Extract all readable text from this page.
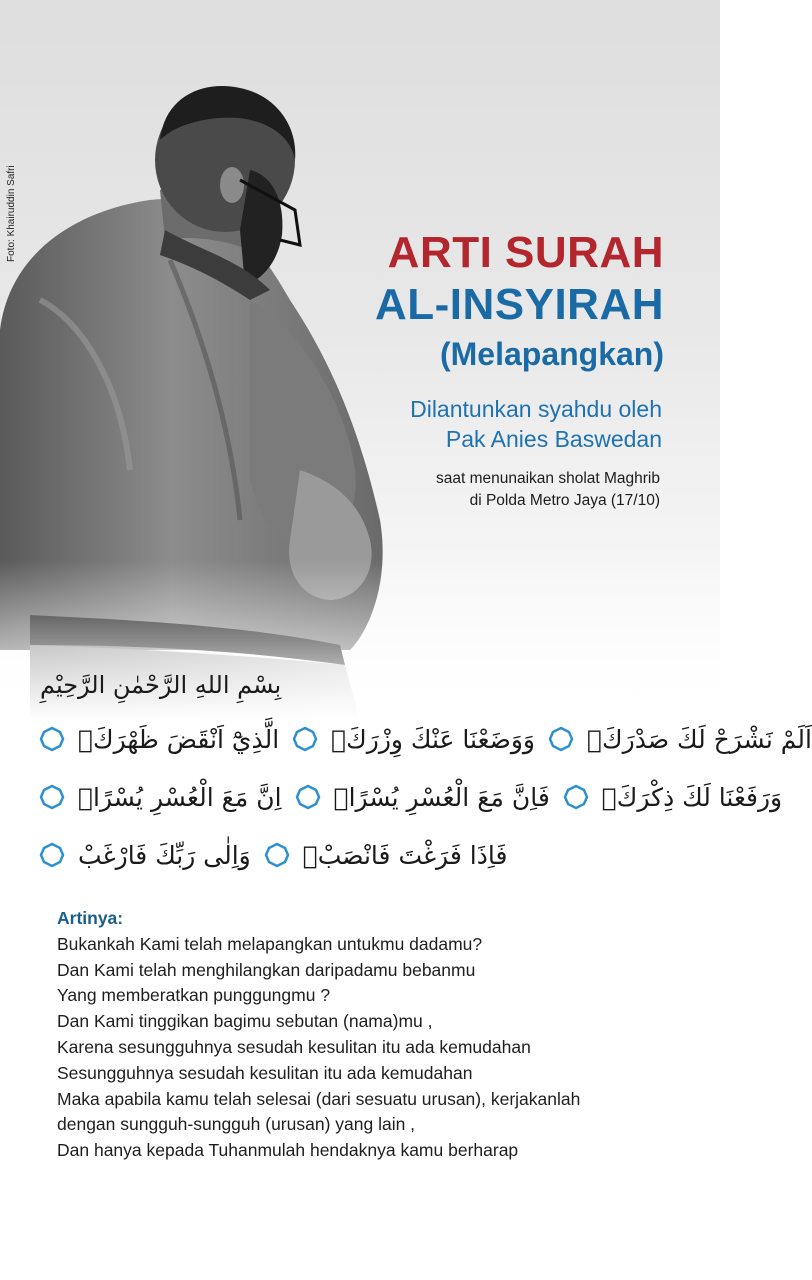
Foto: Khairuddin Safri	ARTI SURAH
AL-INSYIRAH
(Melapangkan)
Dilantunkan syahdu oleh
Pak Anies Baswedan
saat menunaikan sholat Maghrib
di Polda Metro Jaya (17/10)
بِسْمِ اللهِ الرَّحْمٰنِ الرَّحِيْمِ
اَلَمْ نَشْرَحْ لَكَ صَدْرَكَۙ
وَوَضَعْنَا عَنْكَ وِزْرَكَۙ
الَّذِيْٓ اَنْقَضَ ظَهْرَكَۙ
وَرَفَعْنَا لَكَ ذِكْرَكَۗ
فَاِنَّ مَعَ الْعُسْرِ يُسْرًاۙ
اِنَّ مَعَ الْعُسْرِ يُسْرًاۗ
فَاِذَا فَرَغْتَ فَانْصَبْۙ
وَاِلٰى رَبِّكَ فَارْغَبْ
Artinya:
Bukankah Kami telah melapangkan untukmu dadamu?
Dan Kami telah menghilangkan daripadamu bebanmu
Yang memberatkan punggungmu ?
Dan Kami tinggikan bagimu sebutan (nama)mu ,
Karena sesungguhnya sesudah kesulitan itu ada kemudahan
Sesungguhnya sesudah kesulitan itu ada kemudahan
Maka apabila kamu telah selesai (dari sesuatu urusan), kerjakanlah
dengan sungguh-sungguh (urusan) yang lain ,
Dan hanya kepada Tuhanmulah hendaknya kamu berharap
